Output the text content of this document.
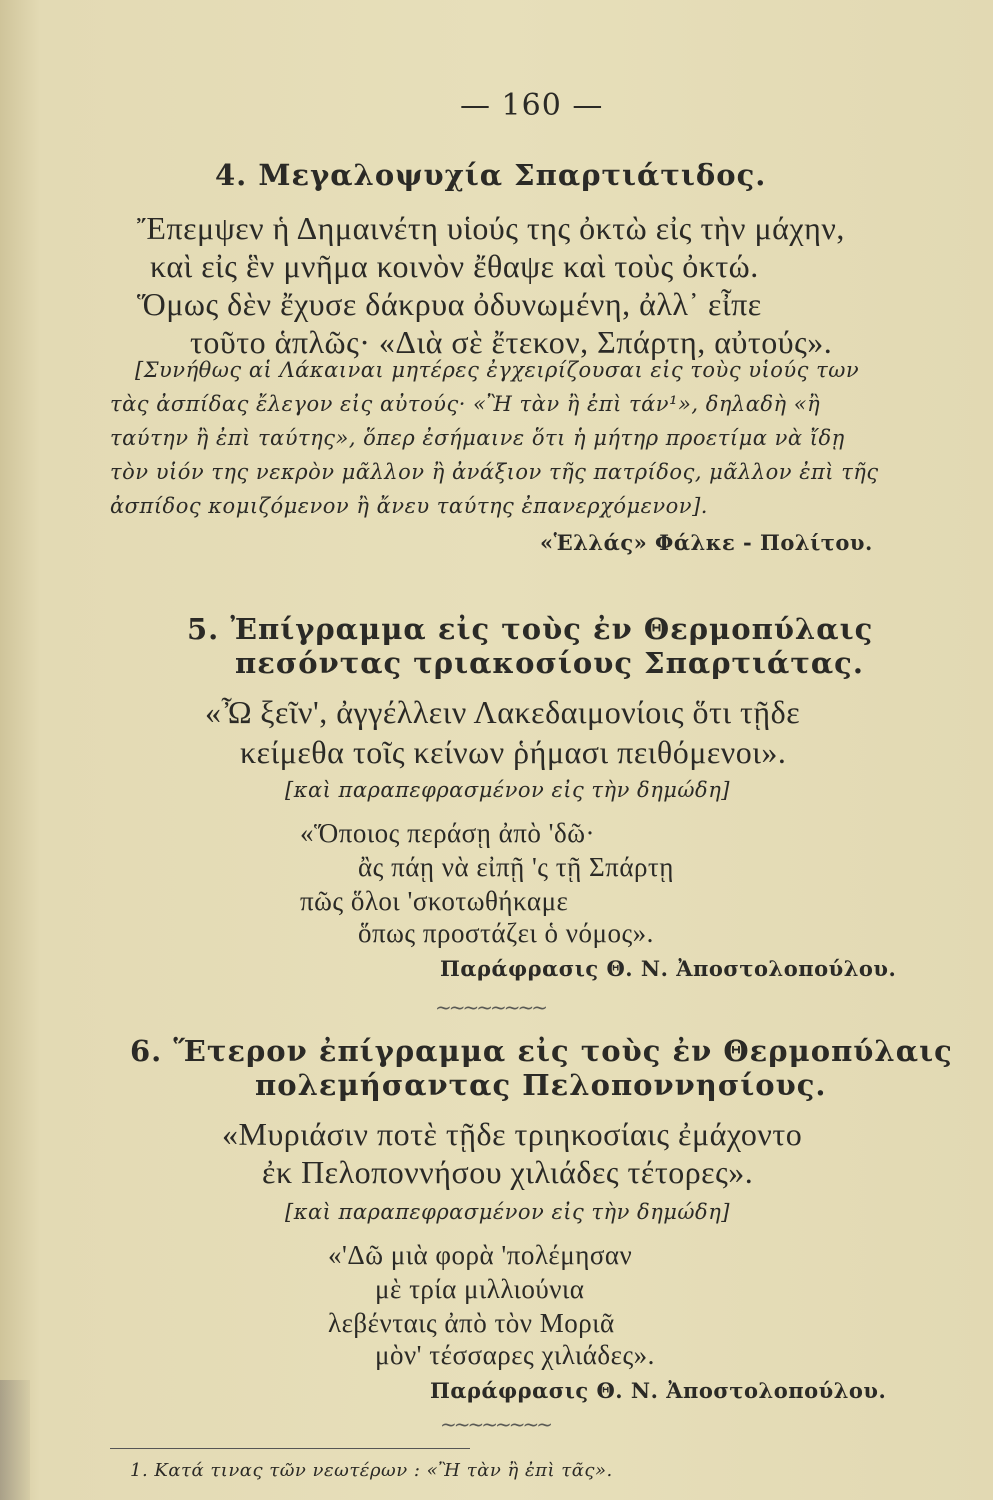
— 160 —
4. Μεγαλοψυχία Σπαρτιάτιδος.
Ἔπεμψεν ἡ Δημαινέτη υἱούς της ὀκτὼ εἰς τὴν μάχην,
καὶ εἰς ἓν μνῆμα κοινὸν ἔθαψε καὶ τοὺς ὀκτώ.
Ὅμως δὲν ἔχυσε δάκρυα ὀδυνωμένη, ἀλλ᾽ εἶπε
τοῦτο ἁπλῶς· «Διὰ σὲ ἔτεκον, Σπάρτη, αὐτούς».
[Συνήθως αἱ Λάκαιναι μητέρες ἐγχειρίζουσαι εἰς τοὺς υἱούς των
τὰς ἀσπίδας ἔλεγον εἰς αὐτούς· «Ἢ τὰν ἢ ἐπὶ τάν¹», δηλαδὴ «ἢ
ταύτην ἢ ἐπὶ ταύτης», ὅπερ ἐσήμαινε ὅτι ἡ μήτηρ προετίμα νὰ ἴδῃ
τὸν υἱόν της νεκρὸν μᾶλλον ἢ ἀνάξιον τῆς πατρίδος, μᾶλλον ἐπὶ τῆς
ἀσπίδος κομιζόμενον ἢ ἄνευ ταύτης ἐπανερχόμενον].
«Ἑλλάς» Φάλκε - Πολίτου.
5. Ἐπίγραμμα εἰς τοὺς ἐν Θερμοπύλαις
πεσόντας τριακοσίους Σπαρτιάτας.
«Ὦ ξεῖν', ἀγγέλλειν Λακεδαιμονίοις ὅτι τῇδε
κείμεθα τοῖς κείνων ῥήμασι πειθόμενοι».
[καὶ παραπεφρασμένον εἰς τὴν δημώδη]
«Ὅποιος περάσῃ ἀπὸ 'δῶ·
ἂς πάῃ νὰ εἰπῇ 'ς τῇ Σπάρτῃ
πῶς ὅλοι 'σκοτωθήκαμε
ὅπως προστάζει ὁ νόμος».
Παράφρασις Θ. Ν. Ἀποστολοπούλου.
~~~~~~~~
6. Ἕτερον ἐπίγραμμα εἰς τοὺς ἐν Θερμοπύλαις
πολεμήσαντας Πελοποννησίους.
«Μυριάσιν ποτὲ τῇδε τριηκοσίαις ἐμάχοντο
ἐκ Πελοποννήσου χιλιάδες τέτορες».
[καὶ παραπεφρασμένον εἰς τὴν δημώδη]
«'Δῶ μιὰ φορὰ 'πολέμησαν
μὲ τρία μιλλιούνια
λεβένταις ἀπὸ τὸν Μοριᾶ
μὸν' τέσσαρες χιλιάδες».
Παράφρασις Θ. Ν. Ἀποστολοπούλου.
~~~~~~~~
1. Κατά τινας τῶν νεωτέρων : «Ἢ τὰν ἢ ἐπὶ τᾶς».
